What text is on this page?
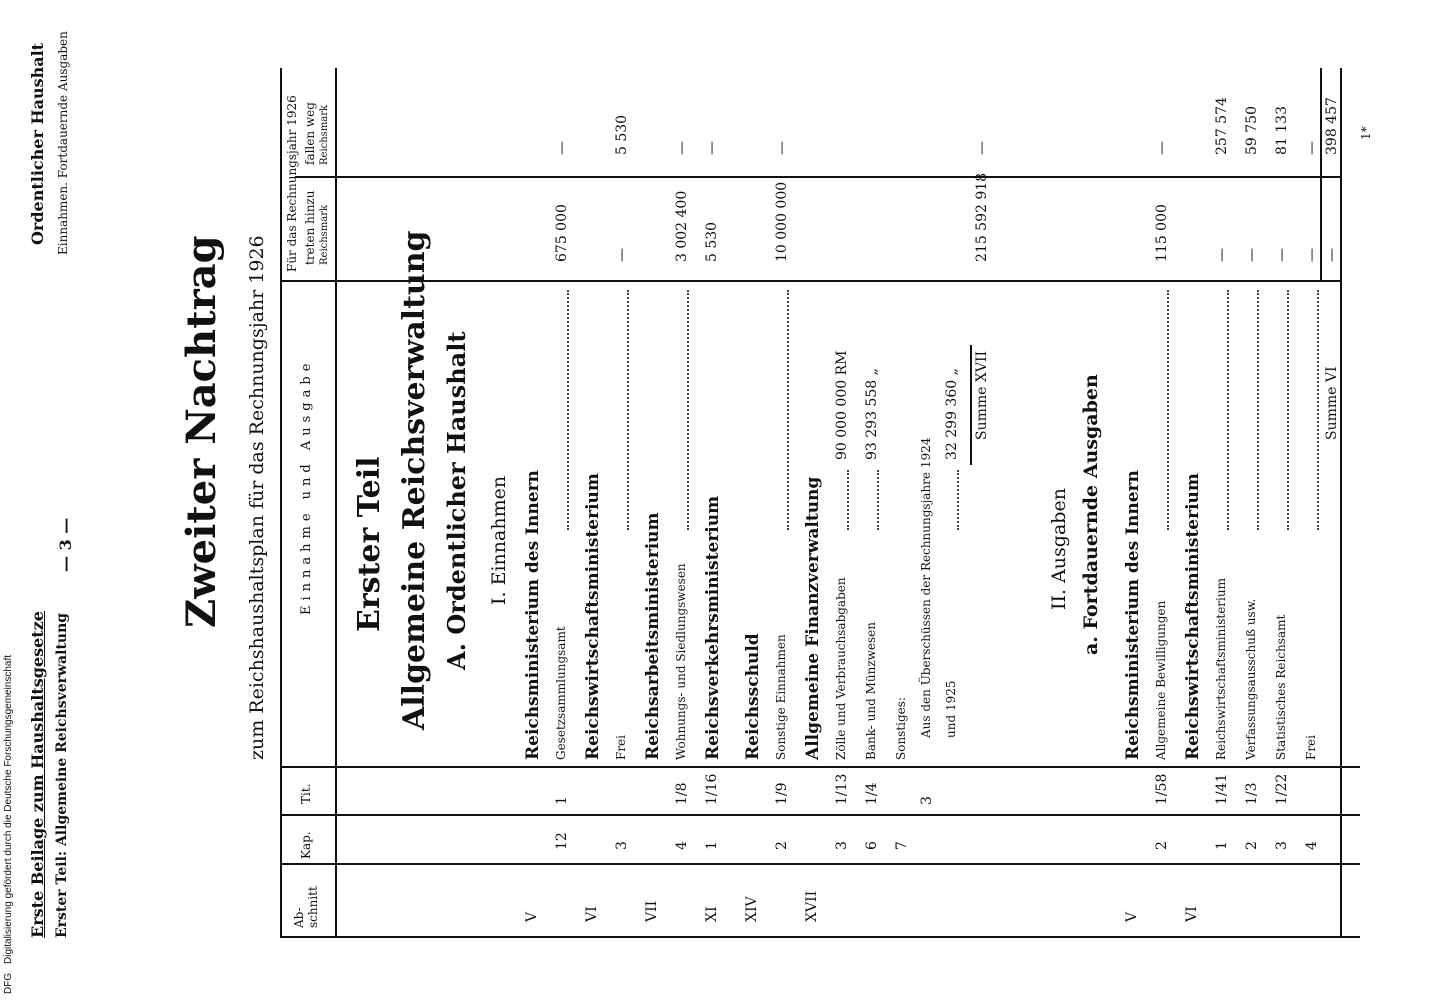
Erste Beilage zum Haushaltsgesetze Erster Teil: Allgemeine Reichsverwaltung
— 3 —
Ordentlicher Haushalt Einnahmen. Fortdauernde Ausgaben
Zweiter Nachtrag zum Reichshaushaltsplan für das Rechnungsjahr 1926
Ab-
schnitt
Kap.
Tit.
Einnahme und Ausgabe
Für das Rechnungsjahr 1926 treten hinzu Reichsmark
fallen weg Reichsmark
Erster Teil Allgemeine Reichsverwaltung A. Ordentlicher Haushalt I. Einnahmen	II. Ausgaben a. Fortdauernde Ausgaben
1*
V
Reichsministerium des Innern
12
1
Gesetzsammlungsamt
675 000
—
VI
Reichswirtschaftsministerium
3
Frei
—
5 530
VII
Reichsarbeitsministerium
4
1/8
Wohnungs- und Siedlungswesen
3 002 400
—
XI
1
1/16
Reichsverkehrsministerium
5 530
—
XIV
Reichsschuld
2
1/9
Sonstige Einnahmen
10 000 000
—
XVII
Allgemeine Finanzverwaltung
3
1/13
Zölle und Verbrauchsabgaben
90 000 000 RM
6
1/4
Bank- und Münzwesen
93 293 558 „
7
Sonstiges:
3
Aus den Überschüssen der Rechnungsjahre 1924 und 1925
32 299 360 „ Summe XVII
215 592 918
—
V
Reichsministerium des Innern
2
1/58
Allgemeine Bewilligungen
115 000
—
VI
Reichswirtschaftsministerium
1
1/41
Reichswirtschaftsministerium
—
257 574
2
1/3
Verfassungsausschuß usw.
—
59 750
3
1/22
Statistisches Reichsamt
—
81 133
4
Frei
—
—
Summe VI
—
398 457
DFG
Digitalisierung gefördert durch die Deutsche Forschungsgemeinschaft
